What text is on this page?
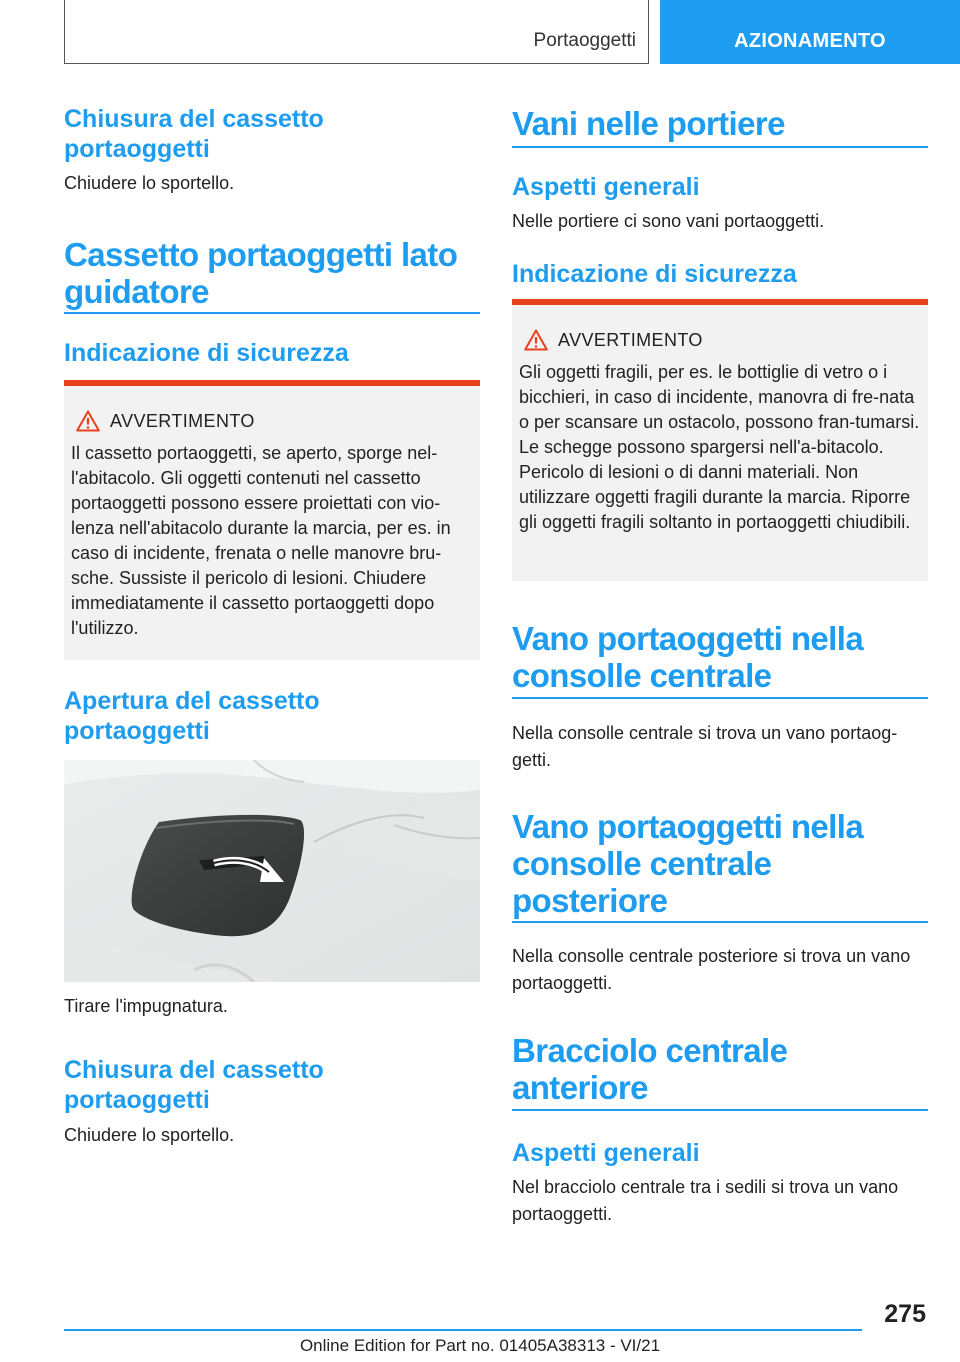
Portaoggetti	AZIONAMENTO
Chiusura del cassetto portaoggetti

Chiudere lo sportello.

Cassetto portaoggetti lato guidatore
Indicazione di sicurezza
AVVERTIMENTO
Il cassetto portaoggetti, se aperto, sporge nel-l'abitacolo. Gli oggetti contenuti nel cassetto portaoggetti possono essere proiettati con vio-lenza nell'abitacolo durante la marcia, per es. in caso di incidente, frenata o nelle manovre bru-sche. Sussiste il pericolo di lesioni. Chiudere immediatamente il cassetto portaoggetti dopo l'utilizzo.
Apertura del cassetto portaoggetti

Tirare l'impugnatura.

Chiusura del cassetto portaoggetti

Chiudere lo sportello.

Vani nelle portiere
Aspetti generali

Nelle portiere ci sono vani portaoggetti.

Indicazione di sicurezza
AVVERTIMENTO
Gli oggetti fragili, per es. le bottiglie di vetro o i bicchieri, in caso di incidente, manovra di fre-nata o per scansare un ostacolo, possono fran-tumarsi. Le schegge possono spargersi nell'a-bitacolo. Pericolo di lesioni o di danni materiali. Non utilizzare oggetti fragili durante la marcia. Riporre gli oggetti fragili soltanto in portaoggetti chiudibili.
Vano portaoggetti nella consolle centrale

Nella consolle centrale si trova un vano portaog-getti.

Vano portaoggetti nella consolle centrale posteriore

Nella consolle centrale posteriore si trova un vano portaoggetti.

Bracciolo centrale anteriore
Aspetti generali

Nel bracciolo centrale tra i sedili si trova un vano portaoggetti.

275
Online Edition for Part no. 01405A38313 - VI/21
